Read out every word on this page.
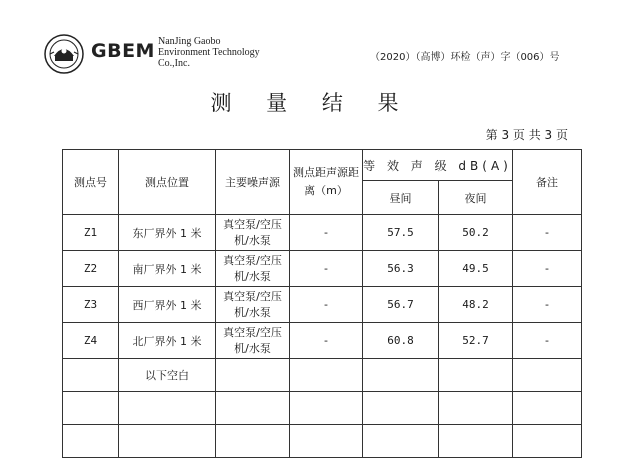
GBEM NanJing Gaobo
Environment Technology
Co.,Inc.
（2020）（高博）环检（声）字（006）号
测 量 结 果
第 3 页 共 3 页
测点号	测点位置	主要噪声源	测点距声源距离（m）	等 效 声 级 dB(A)		备注
				昼间	夜间	
Z1	东厂界外 1 米	真空泵/空压机/水泵	-	57.5	50.2	-
Z2	南厂界外 1 米	真空泵/空压机/水泵	-	56.3	49.5	-
Z3	西厂界外 1 米	真空泵/空压机/水泵	-	56.7	48.2	-
Z4	北厂界外 1 米	真空泵/空压机/水泵	-	60.8	52.7	-
	以下空白					
